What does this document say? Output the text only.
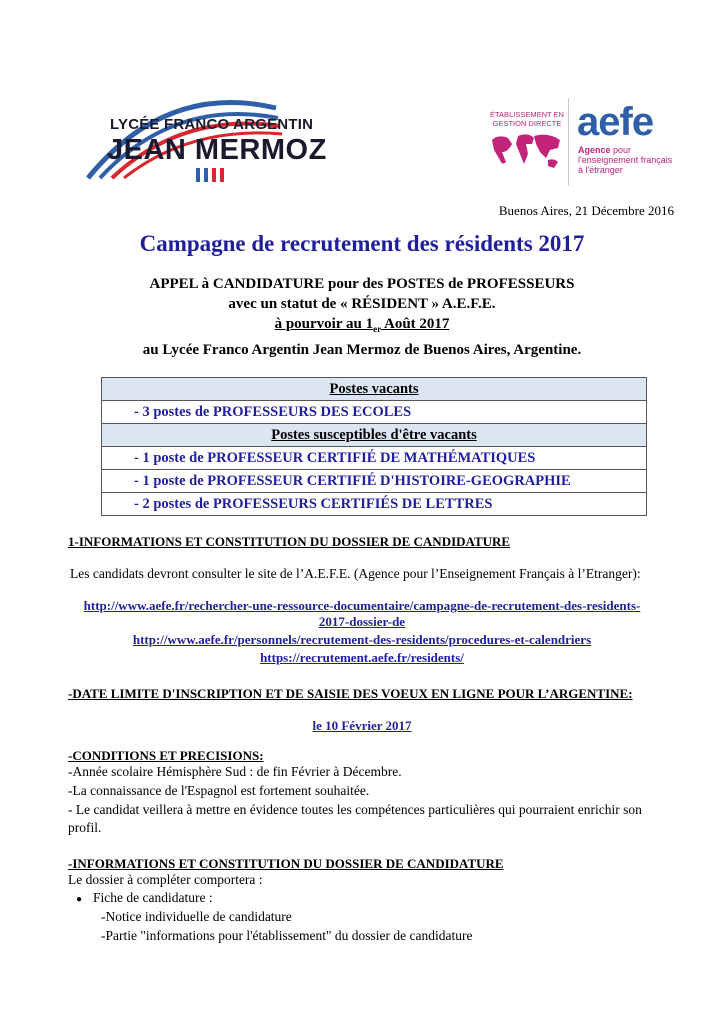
LYCÉE FRANCO ARGENTIN
JEAN MERMOZ
ÉTABLISSEMENT EN GESTION DIRECTE aefe
Agence pour
l'enseignement français
à l'étranger
Buenos Aires, 21 Décembre 2016
Campagne de recrutement des résidents 2017
APPEL à CANDIDATURE pour des POSTES de PROFESSEURS
avec un statut de « RÉSIDENT » A.E.F.E.
à pourvoir au $1_{er}$ Août 2017
au Lycée Franco Argentin Jean Mermoz de Buenos Aires, Argentine.
Postes vacants
- 3 postes de PROFESSEURS DES ECOLES
Postes susceptibles d'être vacants
- 1 poste de PROFESSEUR CERTIFIÉ DE MATHÉMATIQUES
- 1 poste de PROFESSEUR CERTIFIÉ D'HISTOIRE-GEOGRAPHIE
- 2 postes de PROFESSEURS CERTIFIÉS DE LETTRES
1-INFORMATIONS ET CONSTITUTION DU DOSSIER DE CANDIDATURE
Les candidats devront consulter le site de l’A.E.F.E. (Agence pour l’Enseignement Français à l’Etranger):
http://www.aefe.fr/rechercher-une-ressource-documentaire/campagne-de-recrutement-des-residents-
2017-dossier-de
http://www.aefe.fr/personnels/recrutement-des-residents/procedures-et-calendriers
https://recrutement.aefe.fr/residents/
-DATE LIMITE D'INSCRIPTION ET DE SAISIE DES VOEUX EN LIGNE POUR L’ARGENTINE:
le 10 Février 2017
-CONDITIONS ET PRECISIONS:
-Année scolaire Hémisphère Sud : de fin Février à Décembre.
-La connaissance de l'Espagnol est fortement souhaitée.
- Le candidat veillera à mettre en évidence toutes les compétences particulières qui pourraient enrichir son
profil.
-INFORMATIONS ET CONSTITUTION DU DOSSIER DE CANDIDATURE
Le dossier à compléter comportera :
● Fiche de candidature :
-Notice individuelle de candidature
-Partie "informations pour l'établissement" du dossier de candidature
